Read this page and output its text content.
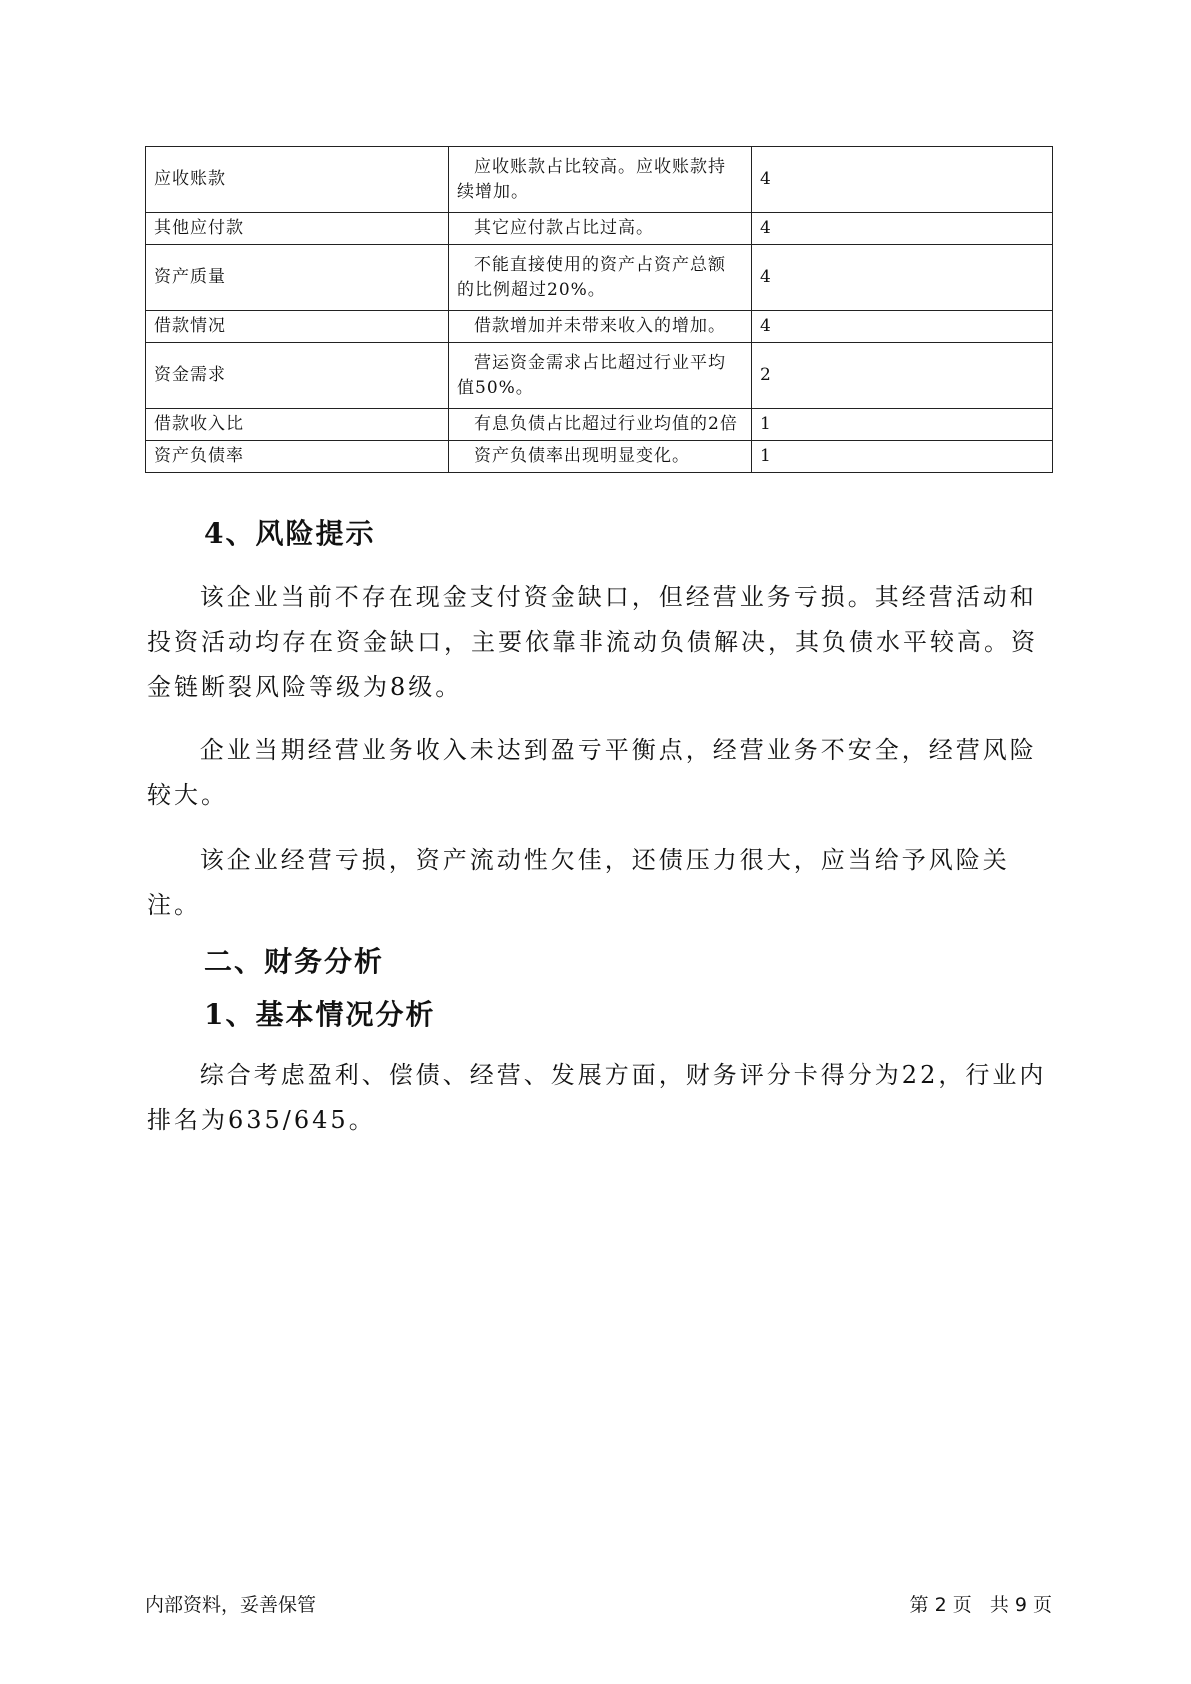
应收账款	应收账款占比较高。应收账款持续增加。	4
其他应付款	其它应付款占比过高。	4
资产质量	不能直接使用的资产占资产总额的比例超过20%。	4
借款情况	借款增加并未带来收入的增加。	4
资金需求	营运资金需求占比超过行业平均值50%。	2
借款收入比	有息负债占比超过行业均值的2倍	1
资产负债率	资产负债率出现明显变化。	1
4、风险提示

该企业当前不存在现金支付资金缺口，但经营业务亏损。其经营活动和投资活动均存在资金缺口，主要依靠非流动负债解决，其负债水平较高。资金链断裂风险等级为8级。

企业当期经营业务收入未达到盈亏平衡点，经营业务不安全，经营风险较大。

该企业经营亏损，资产流动性欠佳，还债压力很大，应当给予风险关注。

二、财务分析
1、基本情况分析

综合考虑盈利、偿债、经营、发展方面，财务评分卡得分为22，行业内排名为635/645。

内部资料，妥善保管	第 2 页   共 9 页
